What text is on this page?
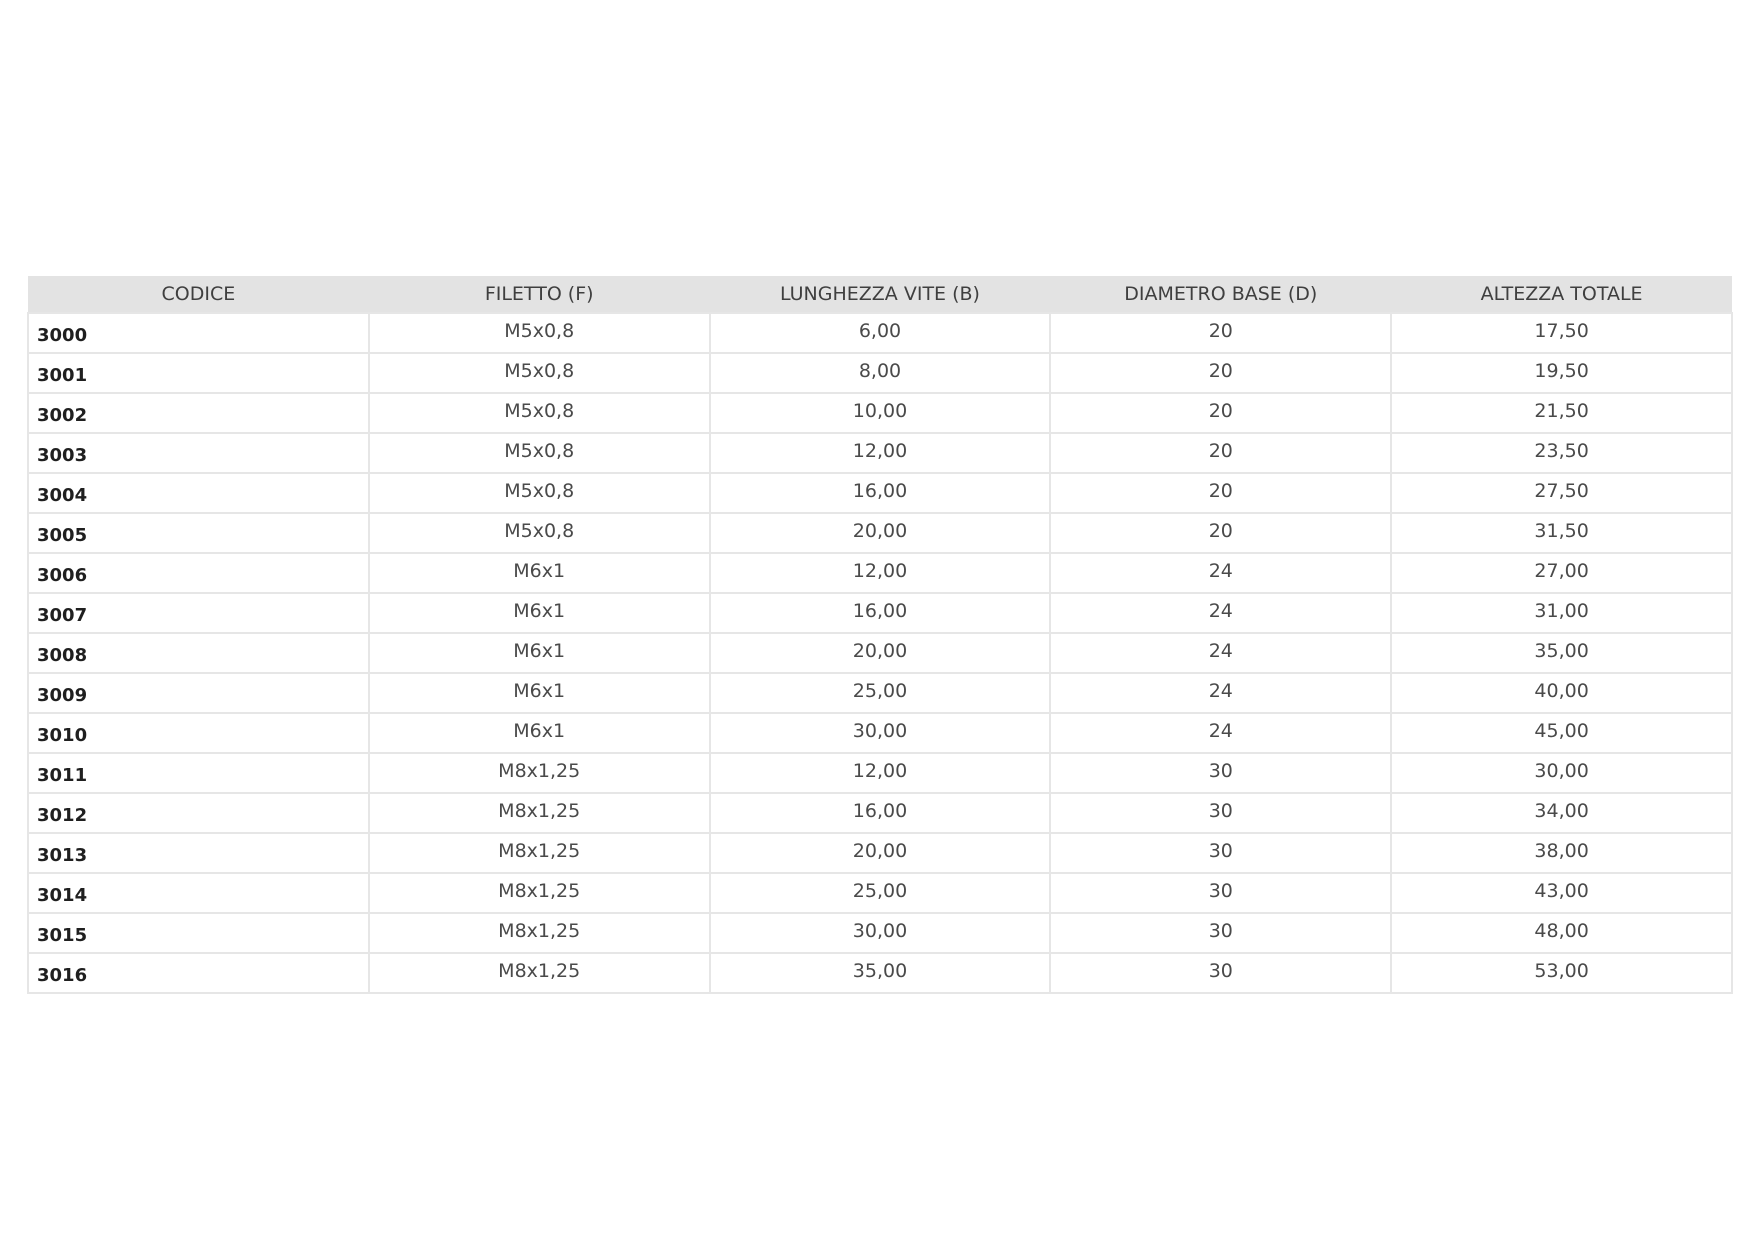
CODICE	FILETTO (F)	LUNGHEZZA VITE (B)	DIAMETRO BASE (D)	ALTEZZA TOTALE
3000	M5x0,8	6,00	20	17,50
3001	M5x0,8	8,00	20	19,50
3002	M5x0,8	10,00	20	21,50
3003	M5x0,8	12,00	20	23,50
3004	M5x0,8	16,00	20	27,50
3005	M5x0,8	20,00	20	31,50
3006	M6x1	12,00	24	27,00
3007	M6x1	16,00	24	31,00
3008	M6x1	20,00	24	35,00
3009	M6x1	25,00	24	40,00
3010	M6x1	30,00	24	45,00
3011	M8x1,25	12,00	30	30,00
3012	M8x1,25	16,00	30	34,00
3013	M8x1,25	20,00	30	38,00
3014	M8x1,25	25,00	30	43,00
3015	M8x1,25	30,00	30	48,00
3016	M8x1,25	35,00	30	53,00
